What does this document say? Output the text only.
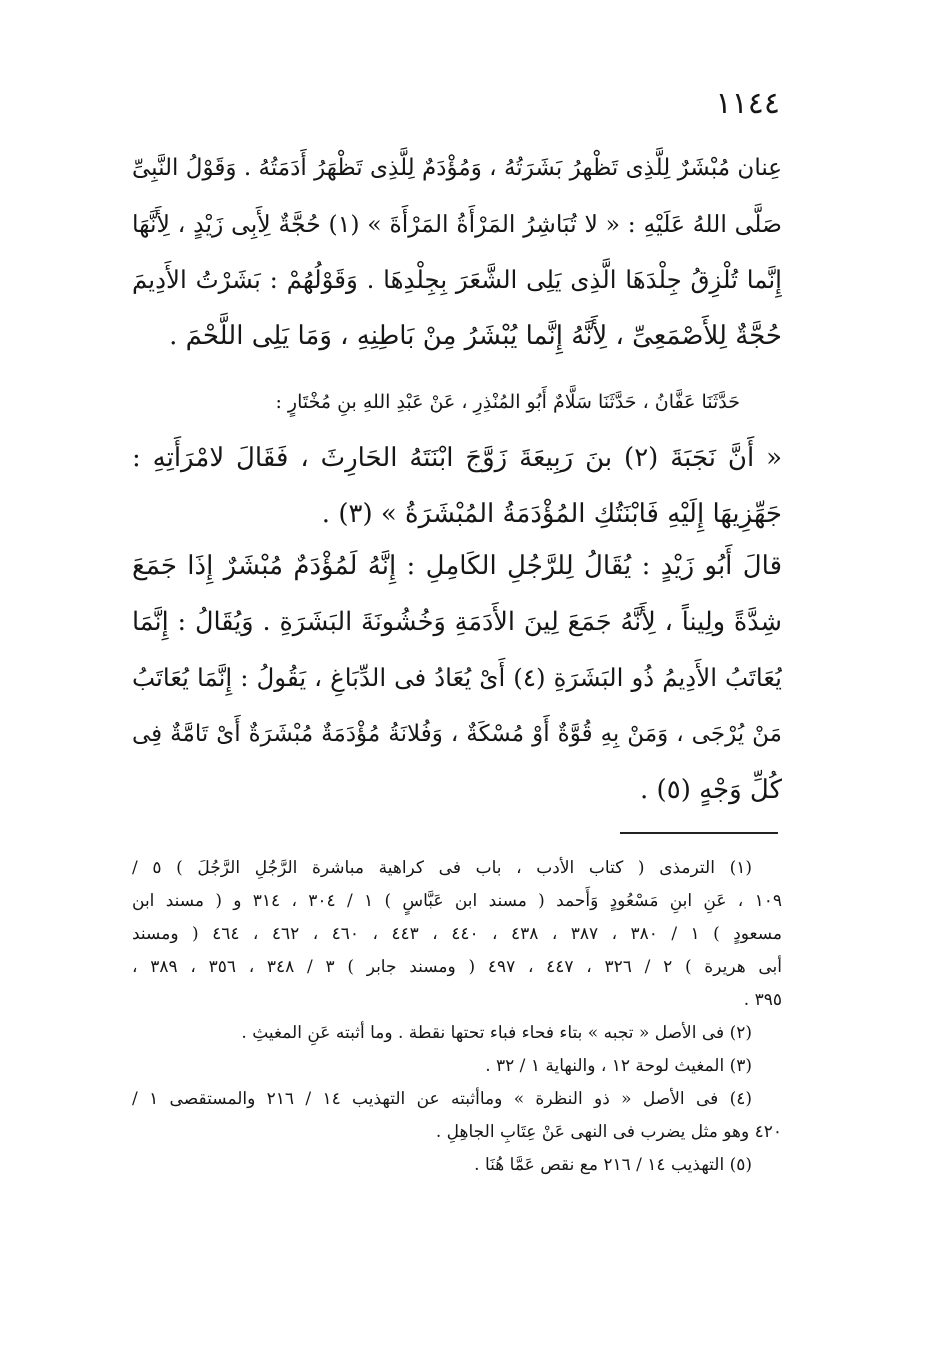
١١٤٤
عِنان مُبْشَرٌ لِلَّذِى تَظْهرُ بَشَرَتُهُ ، وَمُؤْدَمٌ لِلَّذِى تَظْهَرُ أَدَمَتُهُ . وَقَوْلُ النَّبِىِّ
صَلَّى اللهُ عَلَيْهِ : « لا تُبَاشِرُ المَرْأَةُ المَرْأَةَ » (١) حُجَّةٌ لِأَبِى زَيْدٍ ، لِأَنَّهَا
إِنَّما تُلْزِقُ جِلْدَهَا الَّذِى يَلِى الشَّعَرَ بِجِلْدِهَا . وَقَوْلُهُمْ : بَشَرْتُ الأَدِيمَ
حُجَّةٌ لِلأَصْمَعِىِّ ، لِأَنَّهُ إِنَّما يُبْشَرُ مِنْ بَاطِنِهِ ، وَمَا يَلِى اللَّحْمَ .
حَدَّثَنَا عَفَّانُ ، حَدَّثَنَا سَلَّامٌ أَبُو المُنْذِرِ ، عَنْ عَبْدِ اللهِ بنِ مُخْتَارٍ :
« أَنَّ نَجَبَةَ (٢) بنَ رَبِيعَةَ زَوَّجَ ابْنَتَهُ الحَارِثَ ، فَقَالَ لامْرَأَتِهِ :
جَهِّزِيهَا إِلَيْهِ فَابْنَتُكِ المُؤْدَمَةُ المُبْشَرَةُ » (٣) .
قالَ أَبُو زَيْدٍ : يُقَالُ لِلرَّجُلِ الكَامِلِ : إِنَّهُ لَمُؤْدَمٌ مُبْشَرٌ إِذَا جَمَعَ
شِدَّةً ولِيناً ، لِأَنَّهُ جَمَعَ لِينَ الأَدَمَةِ وَخُشُونَةَ البَشَرَةِ . وَيُقَالُ : إِنَّمَا
يُعَاتَبُ الأَدِيمُ ذُو البَشَرَةِ (٤) أَىْ يُعَادُ فى الدِّبَاغِ ، يَقُولُ : إِنَّمَا يُعَاتَبُ
مَنْ يُرْجَى ، وَمَنْ بِهِ قُوَّةٌ أَوْ مُسْكَةٌ ، وَفُلانَةُ مُؤْدَمَةٌ مُبْشَرَةٌ أَىْ تَامَّةٌ فِى
كُلِّ وَجْهٍ (٥) .
(١) الترمذى ( كتاب الأدب ، باب فى كراهية مباشرة الرَّجُلِ الرَّجُلَ ) ٥ /
١٠٩ ، عَنِ ابنِ مَسْعُودٍ وَأَحمد ( مسند ابن عَبَّاسٍ ) ١ / ٣٠٤ ، ٣١٤ و ( مسند ابن
مسعودٍ ) ١ / ٣٨٠ ، ٣٨٧ ، ٤٣٨ ، ٤٤٠ ، ٤٤٣ ، ٤٦٠ ، ٤٦٢ ، ٤٦٤ ( ومسند
أبى هريرة ) ٢ / ٣٢٦ ، ٤٤٧ ، ٤٩٧ ( ومسند جابر ) ٣ / ٣٤٨ ، ٣٥٦ ، ٣٨٩ ،
٣٩٥ .
(٢) فى الأصل « تجبه » بتاء فحاء فباء تحتها نقطة . وما أثبته عَنِ المغيثِ .
(٣) المغيث لوحة ١٢ ، والنهاية ١ / ٣٢ .
(٤) فى الأصل « ذو النظرة » وماأثبته عن التهذيب ١٤ / ٢١٦ والمستقصى ١ /
٤٢٠ وهو مثل يضرب فى النهى عَنْ عِتَابِ الجاهِلِ .
(٥) التهذيب ١٤ / ٢١٦ مع نقص عَمَّا هُنَا .
